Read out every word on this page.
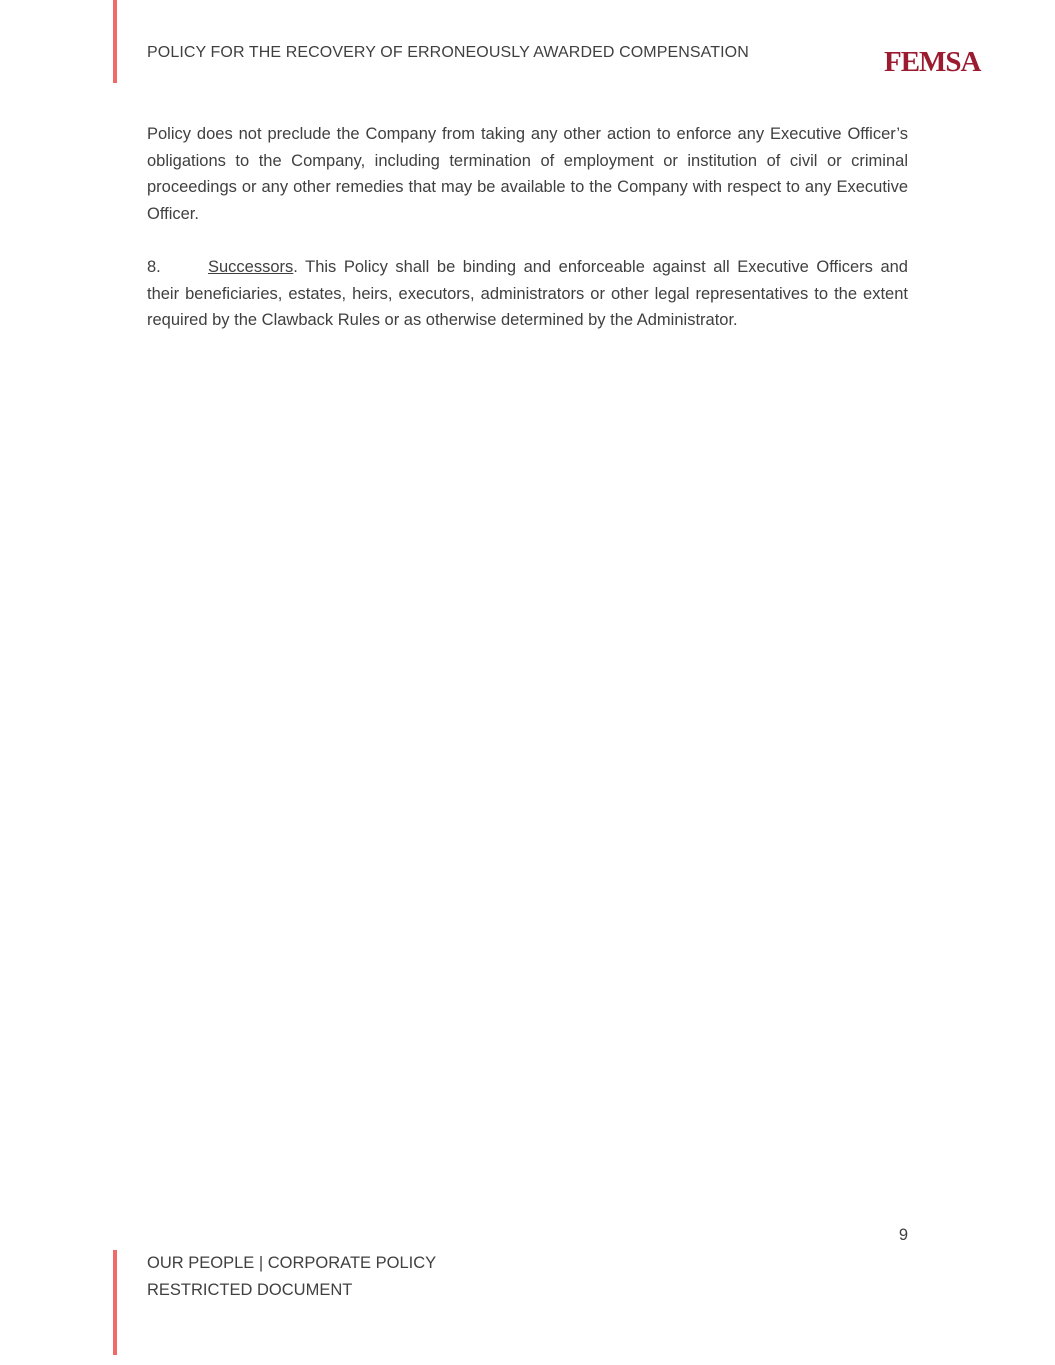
POLICY FOR THE RECOVERY OF ERRONEOUSLY AWARDED COMPENSATION	FEMSA
Policy does not preclude the Company from taking any other action to enforce any Executive Officer’s obligations to the Company, including termination of employment or institution of civil or criminal proceedings or any other remedies that may be available to the Company with respect to any Executive Officer.
8.	Successors. This Policy shall be binding and enforceable against all Executive Officers and their beneficiaries, estates, heirs, executors, administrators or other legal representatives to the extent required by the Clawback Rules or as otherwise determined by the Administrator.
9
OUR PEOPLE | CORPORATE POLICY
RESTRICTED DOCUMENT
